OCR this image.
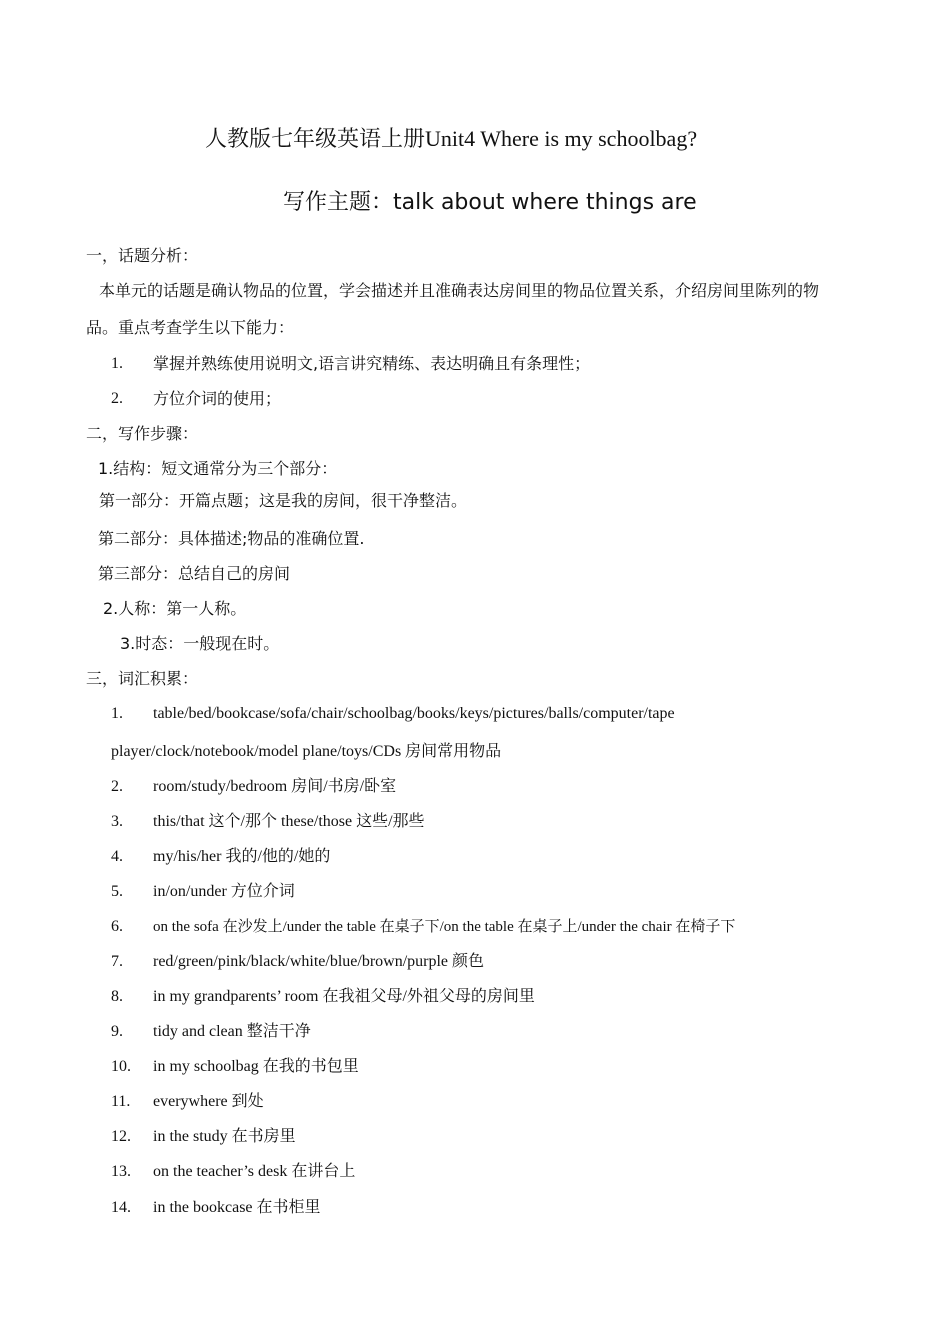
人教版七年级英语上册Unit4 Where is my schoolbag?
写作主题：talk about where things are
一，话题分析：
本单元的话题是确认物品的位置，学会描述并且准确表达房间里的物品位置关系，介绍房间里陈列的物
品。重点考查学生以下能力：
1. 掌握并熟练使用说明文,语言讲究精练、表达明确且有条理性；
2. 方位介词的使用；
二，写作步骤：
1.结构：短文通常分为三个部分：
第一部分：开篇点题；这是我的房间，很干净整洁。
第二部分：具体描述;物品的准确位置.
第三部分：总结自己的房间
2.人称：第一人称。
3.时态：一般现在时。
三，词汇积累：
1. table/bed/bookcase/sofa/chair/schoolbag/books/keys/pictures/balls/computer/tape
player/clock/notebook/model plane/toys/CDs 房间常用物品
2. room/study/bedroom 房间/书房/卧室
3. this/that 这个/那个 these/those 这些/那些
4. my/his/her 我的/他的/她的
5. in/on/under 方位介词
6. on the sofa 在沙发上/under the table 在桌子下/on the table 在桌子上/under the chair 在椅子下
7. red/green/pink/black/white/blue/brown/purple 颜色
8. in my grandparents’ room 在我祖父母/外祖父母的房间里
9. tidy and clean 整洁干净
10. in my schoolbag 在我的书包里
11. everywhere 到处
12. in the study 在书房里
13. on the teacher’s desk 在讲台上
14. in the bookcase 在书柜里
